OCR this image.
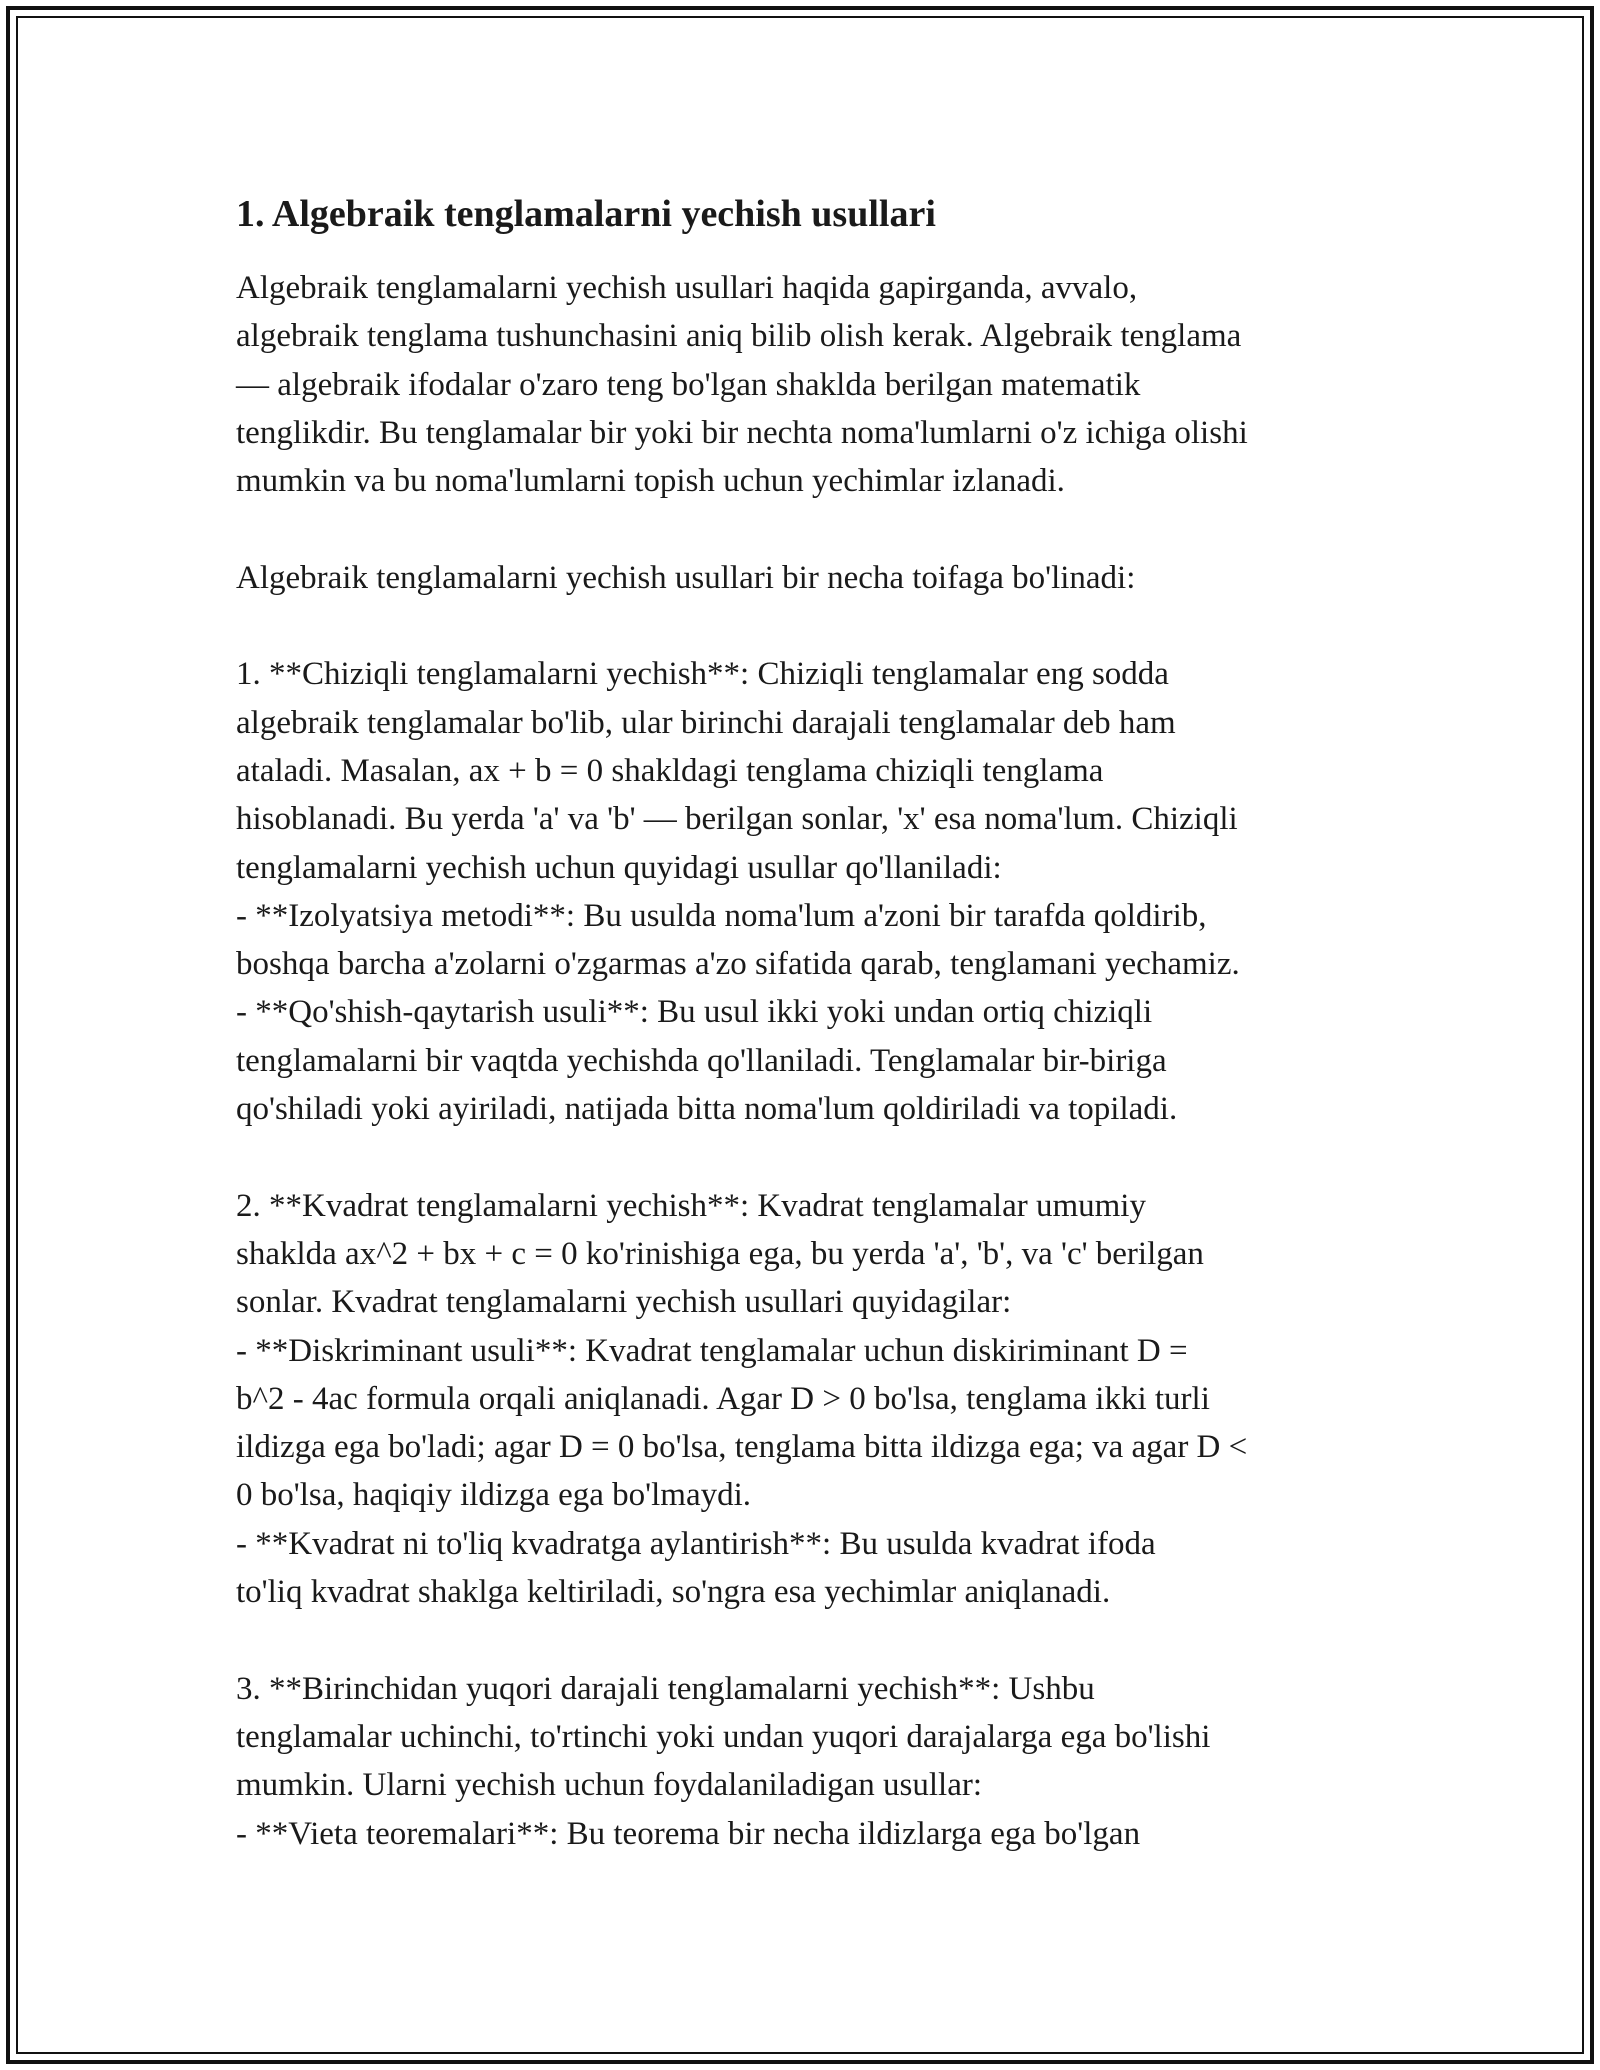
1. Algebraik tenglamalarni yechish usullari
Algebraik tenglamalarni yechish usullari haqida gapirganda, avvalo,
algebraik tenglama tushunchasini aniq bilib olish kerak. Algebraik tenglama
— algebraik ifodalar o'zaro teng bo'lgan shaklda berilgan matematik
tenglikdir. Bu tenglamalar bir yoki bir nechta noma'lumlarni o'z ichiga olishi
mumkin va bu noma'lumlarni topish uchun yechimlar izlanadi.
Algebraik tenglamalarni yechish usullari bir necha toifaga bo'linadi:
1. **Chiziqli tenglamalarni yechish**: Chiziqli tenglamalar eng sodda
algebraik tenglamalar bo'lib, ular birinchi darajali tenglamalar deb ham
ataladi. Masalan, ax + b = 0 shakldagi tenglama chiziqli tenglama
hisoblanadi. Bu yerda 'a' va 'b' — berilgan sonlar, 'x' esa noma'lum. Chiziqli
tenglamalarni yechish uchun quyidagi usullar qo'llaniladi:
- **Izolyatsiya metodi**: Bu usulda noma'lum a'zoni bir tarafda qoldirib,
boshqa barcha a'zolarni o'zgarmas a'zo sifatida qarab, tenglamani yechamiz.
- **Qo'shish-qaytarish usuli**: Bu usul ikki yoki undan ortiq chiziqli
tenglamalarni bir vaqtda yechishda qo'llaniladi. Tenglamalar bir-biriga
qo'shiladi yoki ayiriladi, natijada bitta noma'lum qoldiriladi va topiladi.
2. **Kvadrat tenglamalarni yechish**: Kvadrat tenglamalar umumiy
shaklda ax^2 + bx + c = 0 ko'rinishiga ega, bu yerda 'a', 'b', va 'c' berilgan
sonlar. Kvadrat tenglamalarni yechish usullari quyidagilar:
- **Diskriminant usuli**: Kvadrat tenglamalar uchun diskiriminant D =
b^2 - 4ac formula orqali aniqlanadi. Agar D > 0 bo'lsa, tenglama ikki turli
ildizga ega bo'ladi; agar D = 0 bo'lsa, tenglama bitta ildizga ega; va agar D <
0 bo'lsa, haqiqiy ildizga ega bo'lmaydi.
- **Kvadrat ni to'liq kvadratga aylantirish**: Bu usulda kvadrat ifoda
to'liq kvadrat shaklga keltiriladi, so'ngra esa yechimlar aniqlanadi.
3. **Birinchidan yuqori darajali tenglamalarni yechish**: Ushbu
tenglamalar uchinchi, to'rtinchi yoki undan yuqori darajalarga ega bo'lishi
mumkin. Ularni yechish uchun foydalaniladigan usullar:
- **Vieta teoremalari**: Bu teorema bir necha ildizlarga ega bo'lgan
